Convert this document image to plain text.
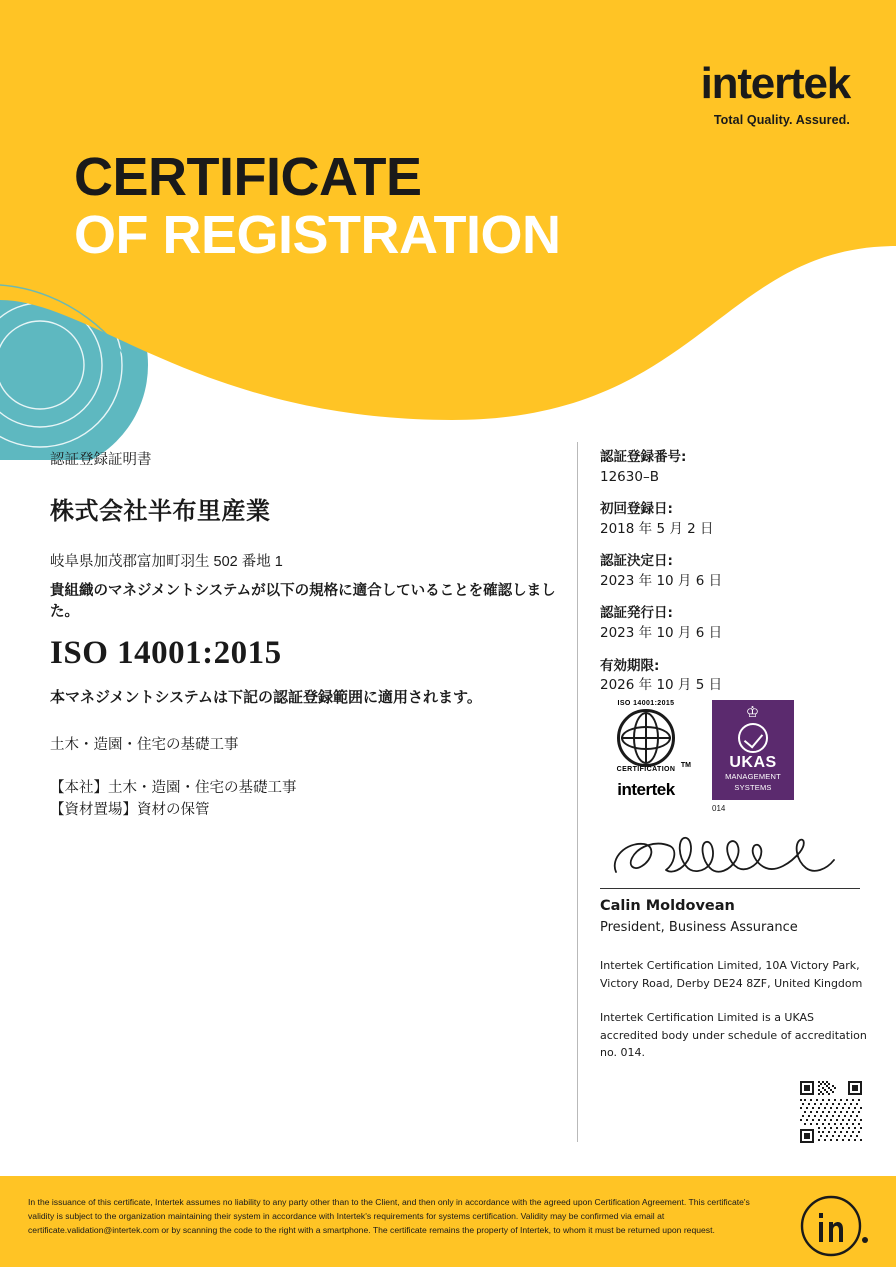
intertek
Total Quality. Assured.
CERTIFICATE
OF REGISTRATION
認証登録証明書
株式会社半布里産業
岐阜県加茂郡富加町羽生 502 番地 1
貴組織のマネジメントシステムが以下の規格に適合していることを確認しました。
ISO 14001:2015
本マネジメントシステムは下記の認証登録範囲に適用されます。
土木・造園・住宅の基礎工事
【本社】土木・造園・住宅の基礎工事
【資材置場】資材の保管
認証登録番号:
12630–B
初回登録日:
2018 年 5 月 2 日
認証決定日:
2023 年 10 月 6 日
認証発行日:
2023 年 10 月 6 日
有効期限:
2026 年 10 月 5 日
ISO 14001:2015
CERTIFICATION
TM
intertek
♔
UKAS
MANAGEMENT
SYSTEMS
014
Calin Moldovean
President, Business Assurance
Intertek Certification Limited, 10A Victory Park, Victory Road, Derby DE24 8ZF, United Kingdom
Intertek Certification Limited is a UKAS accredited body under schedule of accreditation no. 014.
In the issuance of this certificate, Intertek assumes no liability to any party other than to the Client, and then only in accordance with the agreed upon Certification Agreement. This certificate's validity is subject to the organization maintaining their system in accordance with Intertek's requirements for systems certification. Validity may be confirmed via email at certificate.validation@intertek.com or by scanning the code to the right with a smartphone. The certificate remains the property of Intertek, to whom it must be returned upon request.
